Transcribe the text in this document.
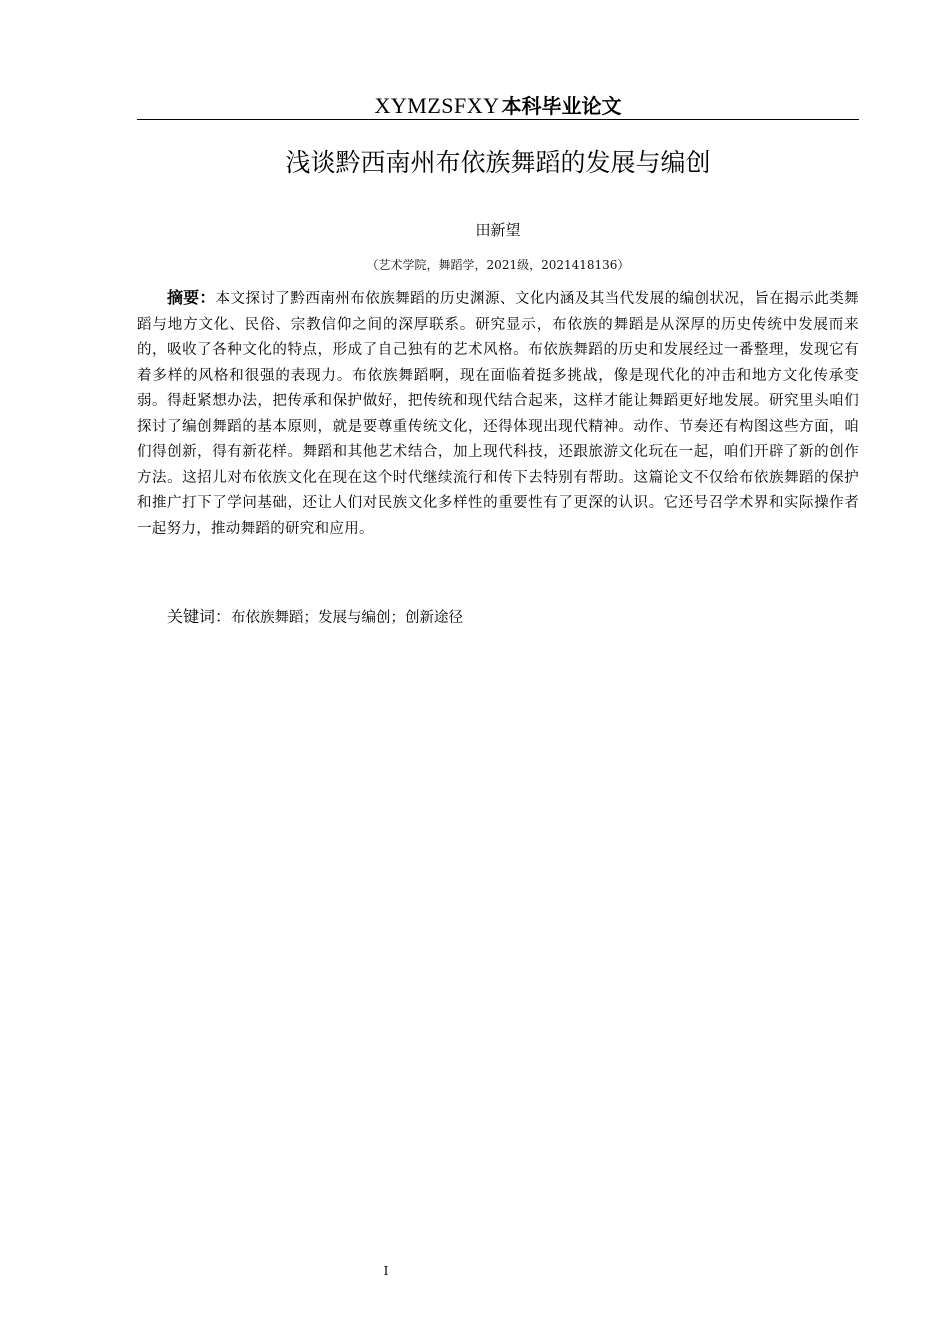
XYMZSFXY 本科毕业论文
浅谈黔西南州布依族舞蹈的发展与编创
田新望
（艺术学院，舞蹈学，2021级，2021418136）
摘要：本文探讨了黔西南州布依族舞蹈的历史渊源、文化内涵及其当代发展的编创状况，旨在揭示此类舞蹈与地方文化、民俗、宗教信仰之间的深厚联系。研究显示，布依族的舞蹈是从深厚的历史传统中发展而来的，吸收了各种文化的特点，形成了自己独有的艺术风格。布依族舞蹈的历史和发展经过一番整理，发现它有着多样的风格和很强的表现力。布依族舞蹈啊，现在面临着挺多挑战，像是现代化的冲击和地方文化传承变弱。得赶紧想办法，把传承和保护做好，把传统和现代结合起来，这样才能让舞蹈更好地发展。研究里头咱们探讨了编创舞蹈的基本原则，就是要尊重传统文化，还得体现出现代精神。动作、节奏还有构图这些方面，咱们得创新，得有新花样。舞蹈和其他艺术结合，加上现代科技，还跟旅游文化玩在一起，咱们开辟了新的创作方法。这招儿对布依族文化在现在这个时代继续流行和传下去特别有帮助。这篇论文不仅给布依族舞蹈的保护和推广打下了学问基础，还让人们对民族文化多样性的重要性有了更深的认识。它还号召学术界和实际操作者一起努力，推动舞蹈的研究和应用。
关键词：布依族舞蹈；发展与编创；创新途径
I
